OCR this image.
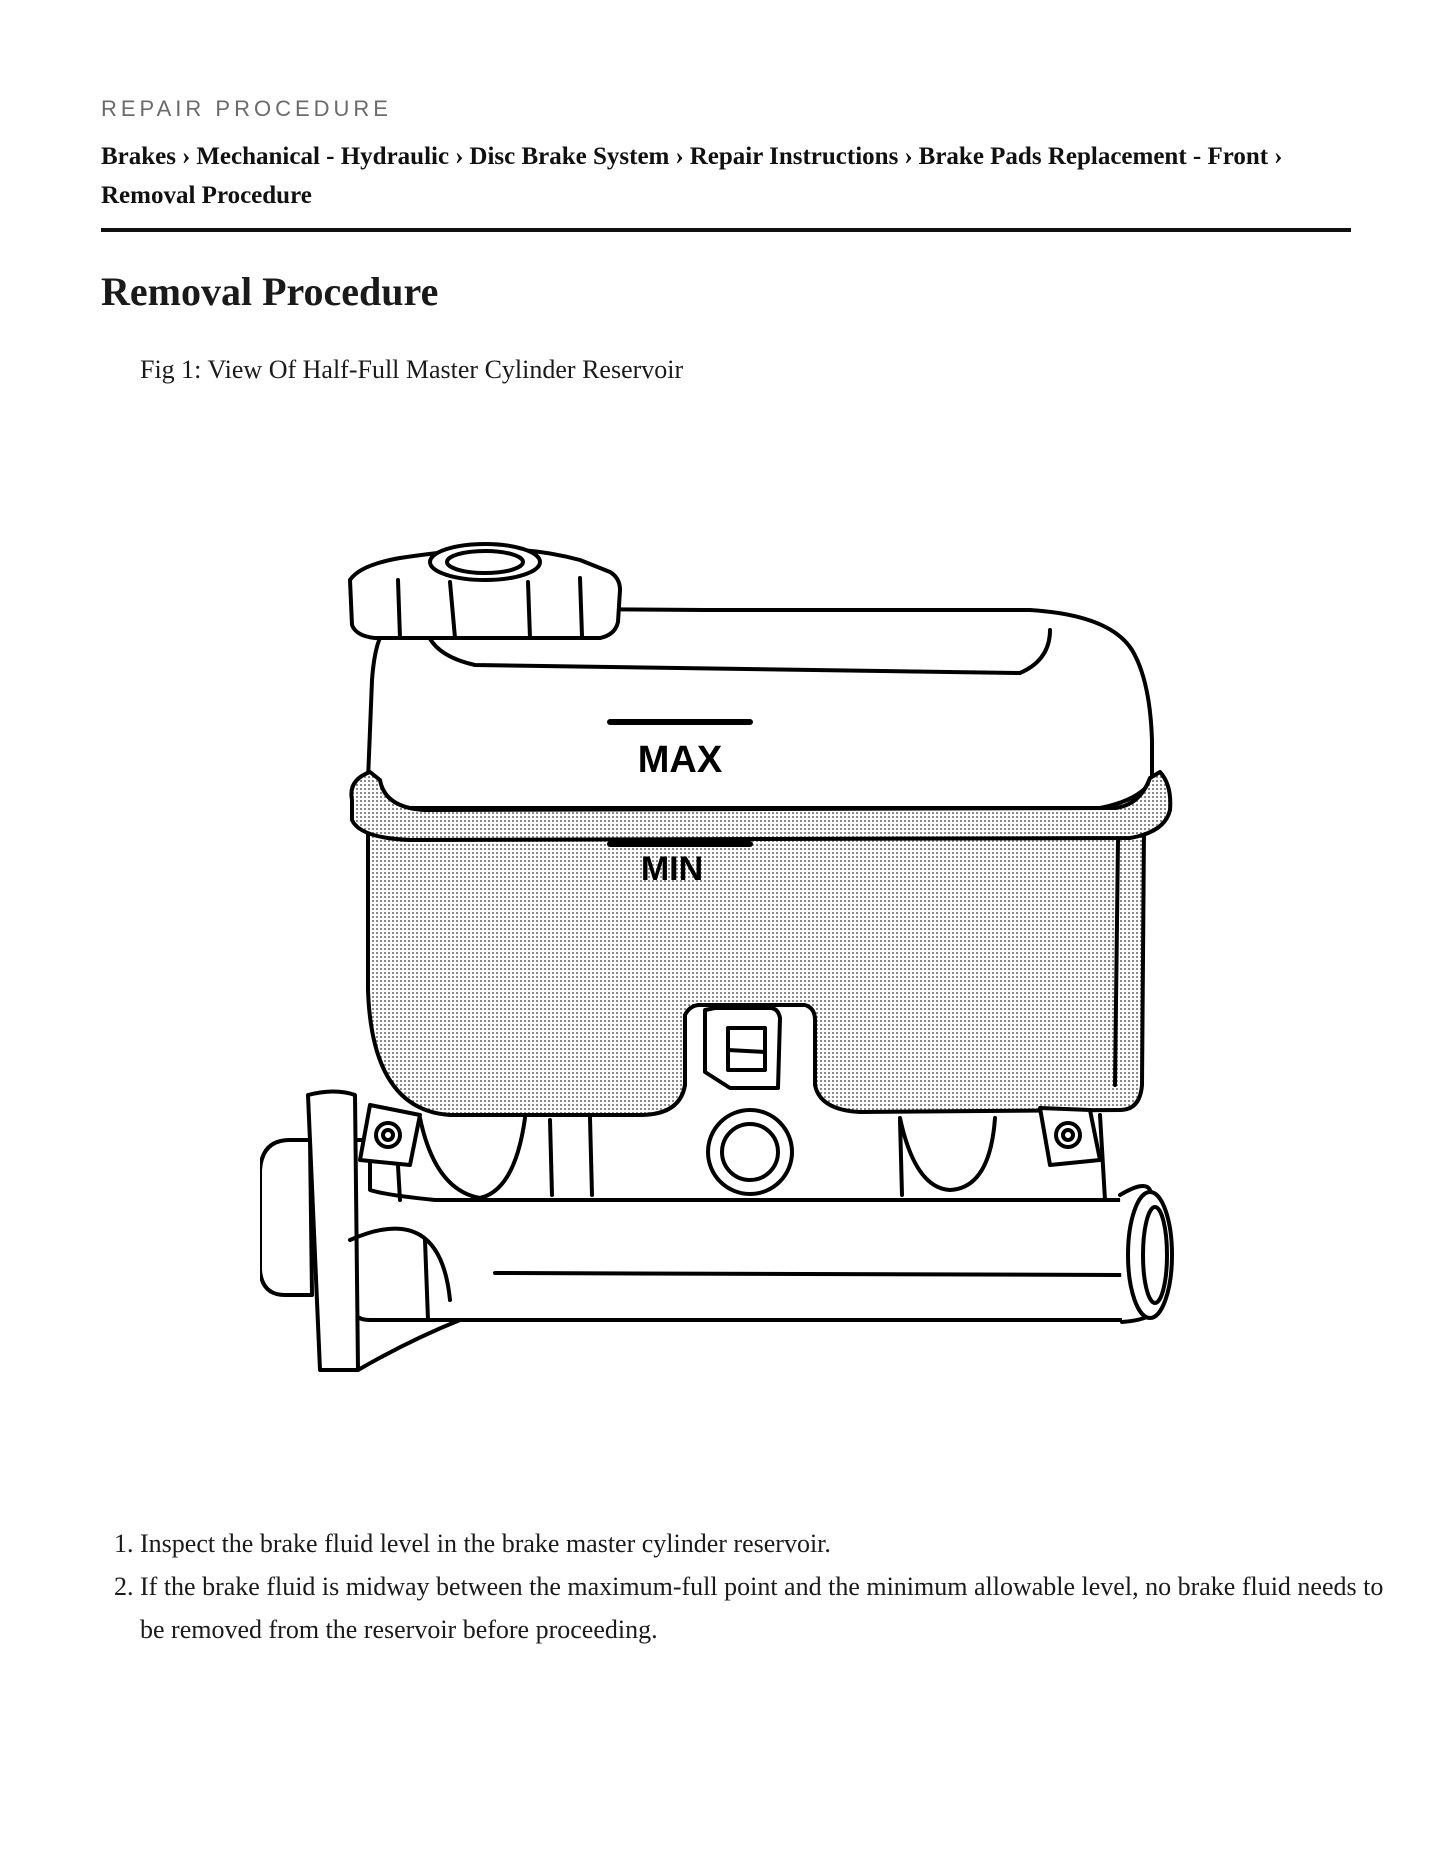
REPAIR PROCEDURE
Brakes › Mechanical - Hydraulic › Disc Brake System › Repair Instructions › Brake Pads Replacement - Front ›
Removal Procedure
Removal Procedure
Fig 1: View Of Half-Full Master Cylinder Reservoir
MAX
MIN
1. Inspect the brake fluid level in the brake master cylinder reservoir.
2. If the brake fluid is midway between the maximum-full point and the minimum allowable level, no brake fluid needs to be removed from the reservoir before proceeding.
